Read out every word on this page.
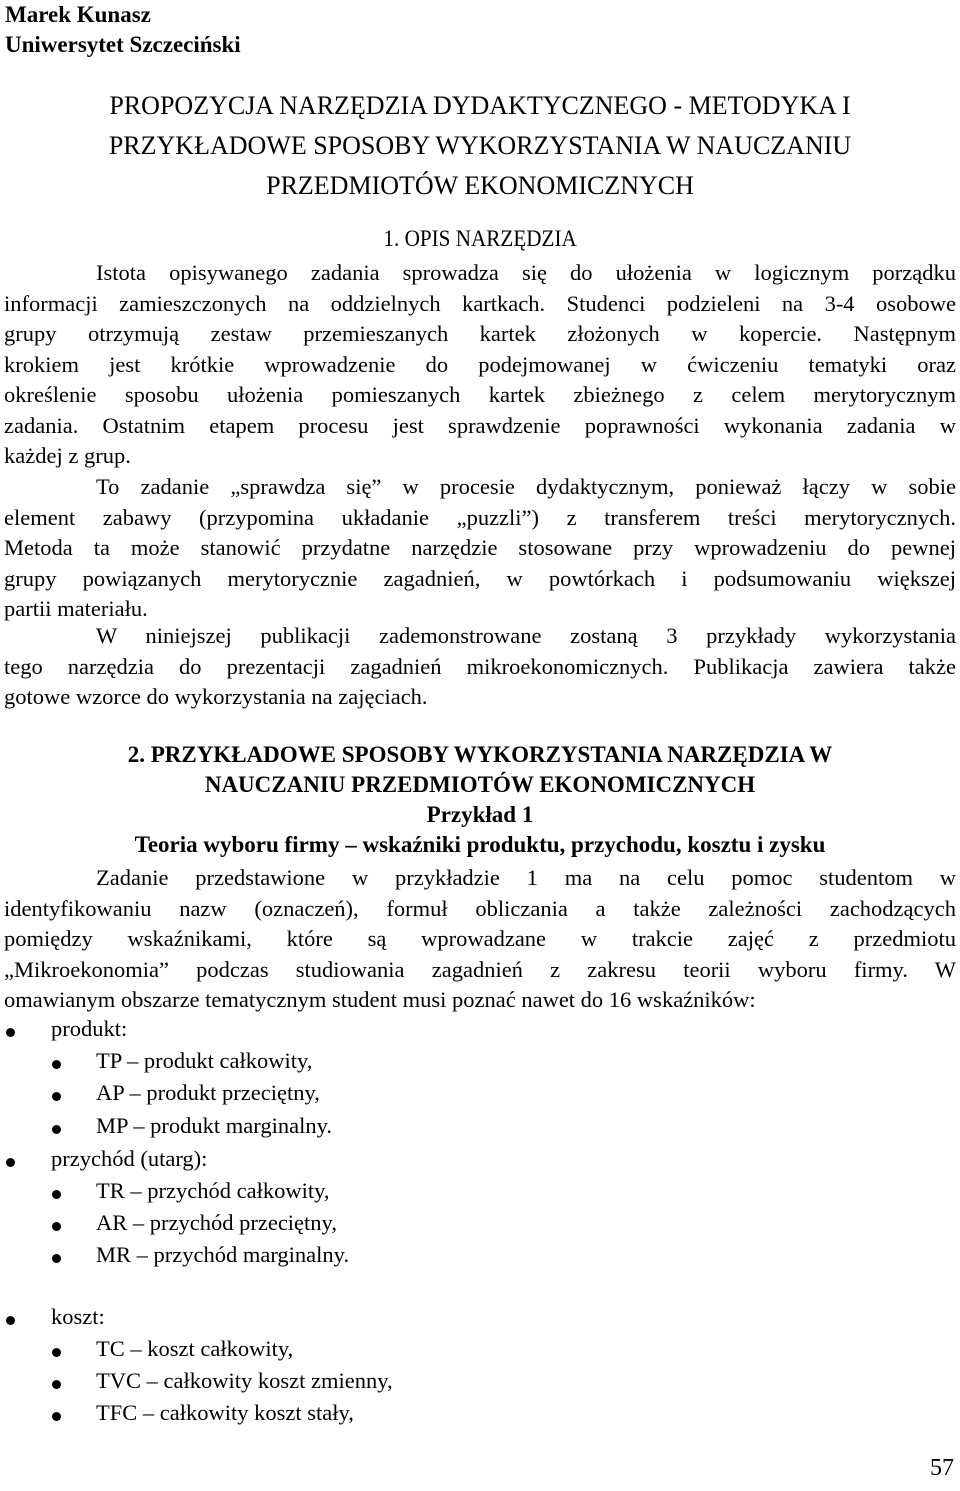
Marek Kunasz
Uniwersytet Szczeciński
PROPOZYCJA NARZĘDZIA DYDAKTYCZNEGO - METODYKA I
PRZYKŁADOWE SPOSOBY WYKORZYSTANIA W NAUCZANIU
PRZEDMIOTÓW EKONOMICZNYCH
1. OPIS NARZĘDZIA
Istota opisywanego zadania sprowadza się do ułożenia w logicznym porządku
informacji zamieszczonych na oddzielnych kartkach. Studenci podzieleni na 3-4 osobowe
grupy otrzymują zestaw przemieszanych kartek złożonych w kopercie. Następnym
krokiem jest krótkie wprowadzenie do podejmowanej w ćwiczeniu tematyki oraz
określenie sposobu ułożenia pomieszanych kartek zbieżnego z celem merytorycznym
zadania. Ostatnim etapem procesu jest sprawdzenie poprawności wykonania zadania w
każdej z grup.
To zadanie „sprawdza się” w procesie dydaktycznym, ponieważ łączy w sobie
element zabawy (przypomina układanie „puzzli”) z transferem treści merytorycznych.
Metoda ta może stanowić przydatne narzędzie stosowane przy wprowadzeniu do pewnej
grupy powiązanych merytorycznie zagadnień, w powtórkach i podsumowaniu większej
partii materiału.
W niniejszej publikacji zademonstrowane zostaną 3 przykłady wykorzystania
tego narzędzia do prezentacji zagadnień mikroekonomicznych. Publikacja zawiera także
gotowe wzorce do wykorzystania na zajęciach.
2. PRZYKŁADOWE SPOSOBY WYKORZYSTANIA NARZĘDZIA W
NAUCZANIU PRZEDMIOTÓW EKONOMICZNYCH
Przykład 1
Teoria wyboru firmy – wskaźniki produktu, przychodu, kosztu i zysku
Zadanie przedstawione w przykładzie 1 ma na celu pomoc studentom w
identyfikowaniu nazw (oznaczeń), formuł obliczania a także zależności zachodzących
pomiędzy wskaźnikami, które są wprowadzane w trakcie zajęć z przedmiotu
„Mikroekonomia” podczas studiowania zagadnień z zakresu teorii wyboru firmy. W
omawianym obszarze tematycznym student musi poznać nawet do 16 wskaźników:
produkt:
TP – produkt całkowity,
AP – produkt przeciętny,
MP – produkt marginalny.
przychód (utarg):
TR – przychód całkowity,
AR – przychód przeciętny,
MR – przychód marginalny.
koszt:
TC – koszt całkowity,
TVC – całkowity koszt zmienny,
TFC – całkowity koszt stały,
57
